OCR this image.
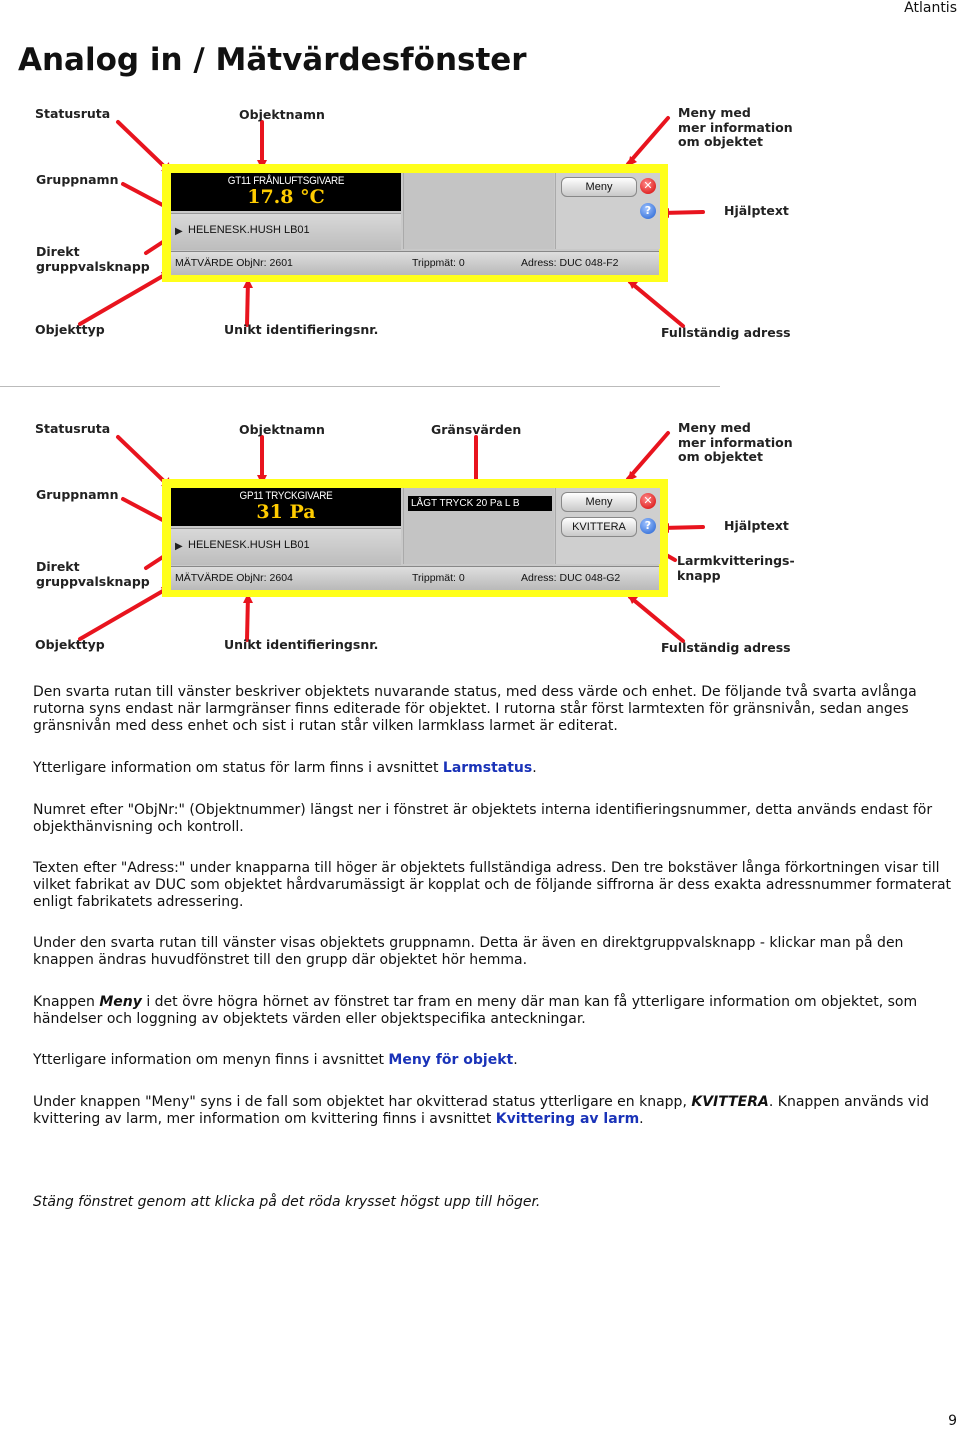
Atlantis
Analog in / Mätvärdesfönster
Statusruta	Objektnamn	Meny med
mer information
om objektet
Gruppnamn
Hjälptext
Direkt
gruppvalsknapp
Objekttyp	Unikt identifieringsnr.	Fullständig adress
GT11 FRÅNLUFTSGIVARE
17.8 °C
▶ HELENESK.HUSH LB01
Meny	✕
?
MÄTVÄRDE ObjNr: 2601	Trippmät: 0	Adress: DUC 048-F2
Statusruta	Objektnamn	Gränsvärden	Meny med
mer information
om objektet
Gruppnamn
Hjälptext
Larmkvitterings-
knapp
Direkt
gruppvalsknapp
Objekttyp	Unikt identifieringsnr.	Fullständig adress
GP11 TRYCKGIVARE
31 Pa
▶ HELENESK.HUSH LB01
LÅGT TRYCK 20 Pa L B	Meny	✕
KVITTERA	?
MÄTVÄRDE ObjNr: 2604	Trippmät: 0	Adress: DUC 048-G2

Den svarta rutan till vänster beskriver objektets nuvarande status, med dess värde och enhet. De följande två svarta avlånga rutorna syns endast när larmgränser finns editerade för objektet. I rutorna står först larmtexten för gränsnivån, sedan anges gränsnivån med dess enhet och sist i rutan står vilken larmklass larmet är editerat.

Ytterligare information om status för larm finns i avsnittet Larmstatus.

Numret efter "ObjNr:" (Objektnummer) längst ner i fönstret är objektets interna identifieringsnummer, detta används endast för objekthänvisning och kontroll.

Texten efter "Adress:" under knapparna till höger är objektets fullständiga adress. Den tre bokstäver långa förkortningen visar till vilket fabrikat av DUC som objektet hårdvarumässigt är kopplat och de följande siffrorna är dess exakta adressnummer formaterat enligt fabrikatets adressering.

Under den svarta rutan till vänster visas objektets gruppnamn. Detta är även en direktgruppvalsknapp - klickar man på den knappen ändras huvudfönstret till den grupp där objektet hör hemma.

Knappen Meny i det övre högra hörnet av fönstret tar fram en meny där man kan få ytterligare information om objektet, som händelser och loggning av objektets värden eller objektspecifika anteckningar.

Ytterligare information om menyn finns i avsnittet Meny för objekt.

Under knappen "Meny" syns i de fall som objektet har okvitterad status ytterligare en knapp, KVITTERA. Knappen används vid kvittering av larm, mer information om kvittering finns i avsnittet Kvittering av larm.

Stäng fönstret genom att klicka på det röda krysset högst upp till höger.

9
